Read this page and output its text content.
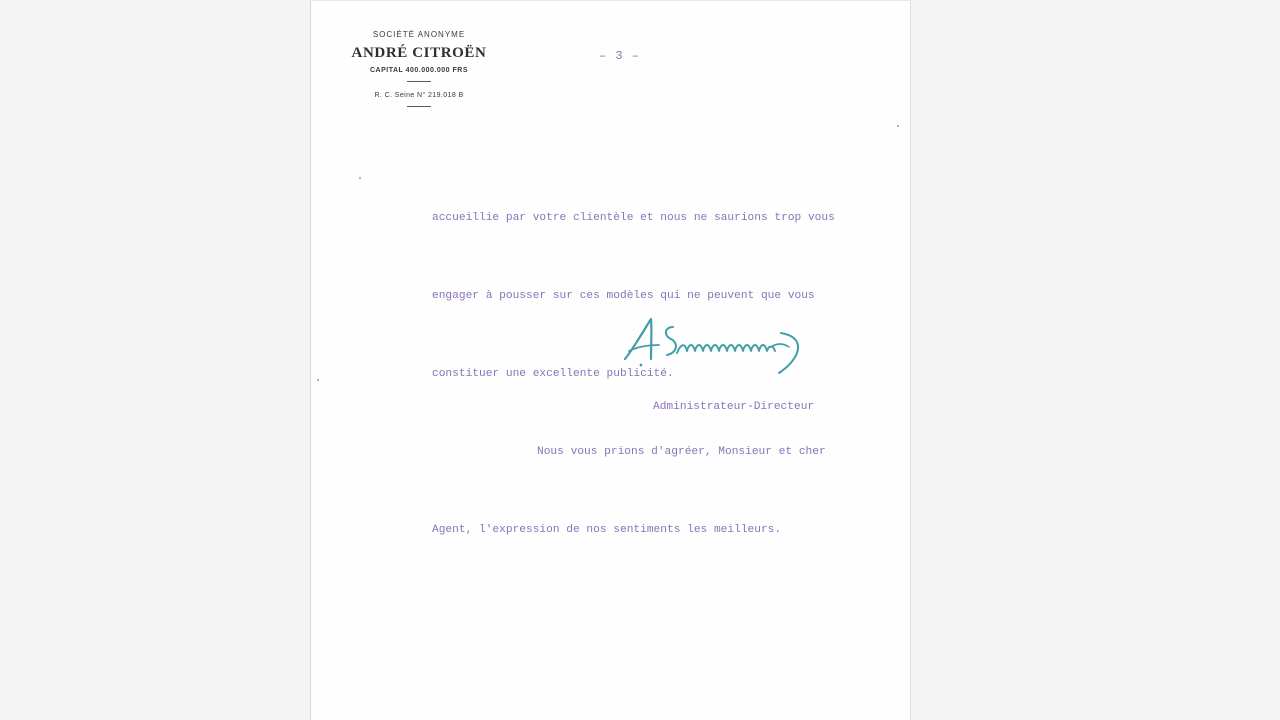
SOCIÉTÉ ANONYME

ANDRÉ CITROËN

CAPITAL 400.000.000 FRS

R. C. Seine N° 219.018 B

– 3 –

accueillie par votre clientèle et nous ne saurions trop vous

engager à pousser sur ces modèles qui ne peuvent que vous

constituer une excellente publicité.

Nous vous prions d'agréer, Monsieur et cher

Agent, l'expression de nos sentiments les meilleurs.

Administrateur-Directeur
